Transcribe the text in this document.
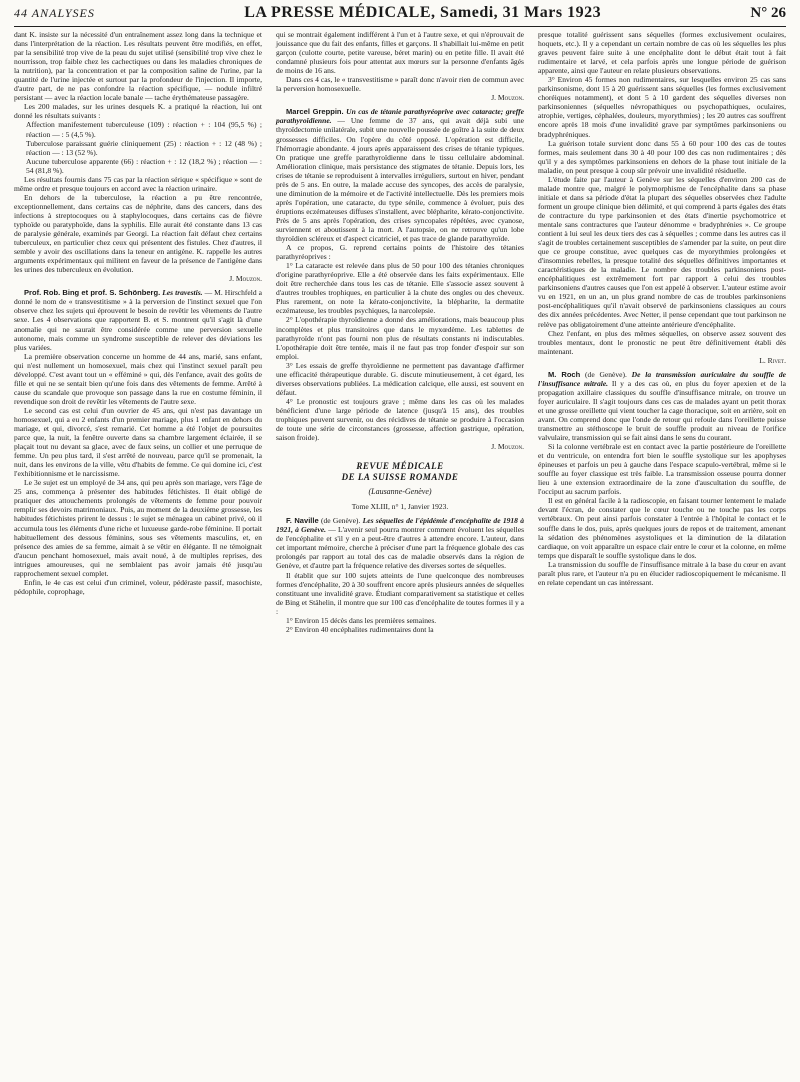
44 ANALYSES	LA PRESSE MÉDICALE, Samedi, 31 Mars 1923	N° 26

dant K. insiste sur la nécessité d'un entraînement assez long dans la technique et dans l'interprétation de la réaction. Les résultats peuvent être modifiés, en effet, par la sensibilité trop vive de la peau du sujet utilisé (sensibilité trop vive chez le nourrisson, trop faible chez les cachectiques ou dans les maladies chroniques de la nutrition), par la concentration et par la composition saline de l'urine, par la quantité de l'urine injectée et surtout par la profondeur de l'injection. Il importe, d'autre part, de ne pas confondre la réaction spécifique, — nodule infiltré persistant — avec la réaction locale banale — tache érythémateuse passagère.

Les 200 malades, sur les urines desquels K. a pratiqué la réaction, lui ont donné les résultats suivants :

Affection manifestement tuberculeuse (109) : réaction + : 104 (95,5 %) ; réaction — : 5 (4,5 %).

Tuberculose paraissant guérie cliniquement (25) : réaction + : 12 (48 %) ; réaction — : 13 (52 %).

Aucune tuberculose apparente (66) : réaction + : 12 (18,2 %) ; réaction — : 54 (81,8 %).

Les résultats fournis dans 75 cas par la réaction sérique « spécifique » sont de même ordre et presque toujours en accord avec la réaction urinaire.

En dehors de la tuberculose, la réaction a pu être rencontrée, exceptionnellement, dans certains cas de néphrite, dans des cancers, dans des infections à streptocoques ou à staphylocoques, dans certains cas de fièvre typhoïde ou paratyphoïde, dans la syphilis. Elle aurait été constante dans 13 cas de paralysie générale, examinés par Georgi. La réaction fait défaut chez certains tuberculeux, en particulier chez ceux qui présentent des fistules. Chez d'autres, il semble y avoir des oscillations dans la teneur en antigène. K. rappelle les autres arguments expérimentaux qui militent en faveur de la présence de l'antigène dans les urines des tuberculeux en évolution.

J. Mouzon.

Prof. Rob. Bing et prof. S. Schönberg. Les travestis. — M. Hirschfeld a donné le nom de « transvestitisme » à la perversion de l'instinct sexuel que l'on observe chez les sujets qui éprouvent le besoin de revêtir les vêtements de l'autre sexe. Les 4 observations que rapportent B. et S. montrent qu'il s'agit là d'une anomalie qui ne saurait être considérée comme une perversion sexuelle autonome, mais comme un syndrome susceptible de relever des déviations les plus variées.

La première observation concerne un homme de 44 ans, marié, sans enfant, qui n'est nullement un homosexuel, mais chez qui l'instinct sexuel paraît peu développé. C'est avant tout un « efféminé » qui, dès l'enfance, avait des goûts de fille et qui ne se sentait bien qu'une fois dans des vêtements de femme. Arrêté à cause du scandale que provoque son passage dans la rue en costume féminin, il revendique son droit de revêtir les vêtements de l'autre sexe.

Le second cas est celui d'un ouvrier de 45 ans, qui n'est pas davantage un homosexuel, qui a eu 2 enfants d'un premier mariage, plus 1 enfant en dehors du mariage, et qui, divorcé, s'est remarié. Cet homme a été l'objet de poursuites parce que, la nuit, la fenêtre ouverte dans sa chambre largement éclairée, il se plaçait tout nu devant sa glace, avec de faux seins, un collier et une perruque de femme. Un peu plus tard, il s'est arrêté de nouveau, parce qu'il se promenait, la nuit, dans les environs de la ville, vêtu d'habits de femme. Ce qui domine ici, c'est l'exhibitionnisme et le narcissisme.

Le 3e sujet est un employé de 34 ans, qui peu après son mariage, vers l'âge de 25 ans, commença à présenter des habitudes fétichistes. Il était obligé de pratiquer des attouchements prolongés de vêtements de femme pour pouvoir remplir ses devoirs matrimoniaux. Puis, au moment de la deuxième grossesse, les habitudes fétichistes prirent le dessus : le sujet se ménagea un cabinet privé, où il accumula tous les éléments d'une riche et luxueuse garde-robe féminine. Il portait habituellement des dessous féminins, sous ses vêtements masculins, et, en présence des amies de sa femme, aimait à se vêtir en élégante. Il ne témoignait d'aucun penchant homosexuel, mais avait noué, à de multiples reprises, des intrigues amoureuses, qui ne semblaient pas avoir jamais été jusqu'au rapprochement sexuel complet.

Enfin, le 4e cas est celui d'un criminel, voleur, pédéraste passif, masochiste, pédophile, coprophage,

qui se montrait également indifférent à l'un et à l'autre sexe, et qui n'éprouvait de jouissance que du fait des enfants, filles et garçons. Il s'habillait lui-même en petit garçon (culotte courte, petite vareuse, béret marin) ou en petite fille. Il avait été condamné plusieurs fois pour attentat aux mœurs sur la personne d'enfants âgés de moins de 16 ans.

Dans ces 4 cas, le « transvestitisme » paraît donc n'avoir rien de commun avec la perversion homosexuelle.

J. Mouzon.

Marcel Greppin. Un cas de tétanie parathyréoprive avec cataracte; greffe parathyroïdienne. — Une femme de 37 ans, qui avait déjà subi une thyroïdectomie unilatérale, subit une nouvelle poussée de goître à la suite de deux grossesses difficiles. On l'opère du côté opposé. L'opération est difficile, l'hémorragie abondante. 4 jours après apparaissent des crises de tétanie typiques. On pratique une greffe parathyroïdienne dans le tissu cellulaire abdominal. Amélioration clinique, mais persistance des stigmates de tétanie. Depuis lors, les crises de tétanie se reproduisent à intervalles irréguliers, surtout en hiver, pendant près de 5 ans. En outre, la malade accuse des syncopes, des accès de paralysie, une diminution de la mémoire et de l'activité intellectuelle. Dès les premiers mois après l'opération, une cataracte, du type sénile, commence à évoluer, puis des éruptions eczémateuses diffuses s'installent, avec blépharite, kérato-conjonctivite. Près de 5 ans après l'opération, des crises syncopales répétées, avec cyanose, surviennent et aboutissent à la mort. A l'autopsie, on ne retrouve qu'un lobe thyroïdien scléreux et d'aspect cicatriciel, et pas trace de glande parathyroïde.

A ce propos, G. reprend certains points de l'histoire des tétanies parathyréoprives :

1° La cataracte est relevée dans plus de 50 pour 100 des tétanies chroniques d'origine parathyréoprive. Elle a été observée dans les faits expérimentaux. Elle doit être recherchée dans tous les cas de tétanie. Elle s'associe assez souvent à d'autres troubles trophiques, en particulier à la chute des ongles ou des cheveux. Plus rarement, on note la kérato-conjonctivite, la blépharite, la dermatite eczémateuse, les troubles psychiques, la narcolepsie.

2° L'opothérapie thyroïdienne a donné des améliorations, mais beaucoup plus incomplètes et plus transitoires que dans le myxœdème. Les tablettes de parathyroïde n'ont pas fourni non plus de résultats constants ni indiscutables. L'opothérapie doit être tentée, mais il ne faut pas trop fonder d'espoir sur son emploi.

3° Les essais de greffe thyroïdienne ne permettent pas davantage d'affirmer une efficacité thérapeutique durable. G. discute minutieusement, à cet égard, les diverses observations publiées. La médication calcique, elle aussi, est souvent en défaut.

4° Le pronostic est toujours grave ; même dans les cas où les malades bénéficient d'une large période de latence (jusqu'à 15 ans), des troubles trophiques peuvent survenir, ou des récidives de tétanie se produire à l'occasion de toute une série de circonstances (grossesse, affection gastrique, opération, saison froide).

J. Mouzon.

REVUE MÉDICALE
DE LA SUISSE ROMANDE
(Lausanne-Genève)
Tome XLIII, n° 1, Janvier 1923.

F. Naville (de Genève). Les séquelles de l'épidémie d'encéphalite de 1918 à 1921, à Genève. — L'avenir seul pourra montrer comment évoluent les séquelles de l'encéphalite et s'il y en a peut-être d'autres à attendre encore. L'auteur, dans cet important mémoire, cherche à préciser d'une part la fréquence globale des cas prolongés par rapport au total des cas de maladie observés dans la région de Genève, et d'autre part la fréquence relative des diverses sortes de séquelles.

Il établit que sur 100 sujets atteints de l'une quelconque des nombreuses formes d'encéphalite, 20 à 30 souffrent encore après plusieurs années de séquelles constituant une invalidité grave. Étudiant comparativement sa statistique et celles de Bing et Stähelin, il montre que sur 100 cas d'encéphalite de toutes formes il y a :

1° Environ 15 décès dans les premières semaines.

2° Environ 40 encéphalites rudimentaires dont la

presque totalité guérissent sans séquelles (formes exclusivement oculaires, hoquets, etc.). Il y a cependant un certain nombre de cas où les séquelles les plus graves peuvent faire suite à une encéphalite dont le début était tout à fait rudimentaire et larvé, et cela parfois après une longue période de guérison apparente, ainsi que l'auteur en relate plusieurs observations.

3° Environ 45 formes non rudimentaires, sur lesquelles environ 25 cas sans parkinsonisme, dont 15 à 20 guérissent sans séquelles (les formes exclusivement choréiques notamment), et dont 5 à 10 gardent des séquelles diverses non parkinsoniennes (séquelles névropathiques ou psychopathiques, oculaires, atrophie, vertiges, céphalées, douleurs, myorythmies) ; les 20 autres cas souffrent encore après 18 mois d'une invalidité grave par symptômes parkinsoniens ou bradyphréniques.

La guérison totale survient donc dans 55 à 60 pour 100 des cas de toutes formes, mais seulement dans 30 à 40 pour 100 des cas non rudimentaires ; dès qu'il y a des symptômes parkinsoniens en dehors de la phase tout initiale de la maladie, on peut presque à coup sûr prévoir une invalidité résiduelle.

L'étude faite par l'auteur à Genève sur les séquelles d'environ 200 cas de malade montre que, malgré le polymorphisme de l'encéphalite dans sa phase initiale et dans sa période d'état la plupart des séquelles observées chez l'adulte forment un groupe clinique bien délimité, et qui comprend à parts égales des états de contracture du type parkinsonien et des états d'inertie psychomotrice et mentale sans contractures que l'auteur dénomme « bradyphrénies ». Ce groupe contient à lui seul les deux tiers des cas à séquelles ; comme dans les autres cas il s'agit de troubles certainement susceptibles de s'amender par la suite, on peut dire que ce groupe constitue, avec quelques cas de myorythmies prolongées et d'insomnies rebelles, la presque totalité des séquelles définitives importantes et caractéristiques de la maladie. Le nombre des troubles parkinsoniens post-encéphalitiques est extrêmement fort par rapport à celui des troubles parkinsoniens d'autres causes que l'on est appelé à observer. L'auteur estime avoir vu en 1921, en un an, un plus grand nombre de cas de troubles parkinsoniens post-encéphalitiques qu'il n'avait observé de parkinsoniens classiques au cours des dix années précédentes. Avec Netter, il pense cependant que tout parkinson ne relève pas obligatoirement d'une atteinte antérieure d'encéphalite.

Chez l'enfant, en plus des mêmes séquelles, on observe assez souvent des troubles mentaux, dont le pronostic ne peut être définitivement établi dès maintenant.

L. Rivet.

M. Roch (de Genève). De la transmission auriculaire du souffle de l'insuffisance mitrale. Il y a des cas où, en plus du foyer apexien et de la propagation axillaire classiques du souffle d'insuffisance mitrale, on trouve un foyer auriculaire. Il s'agit toujours dans ces cas de malades ayant un petit thorax et une grosse oreillette qui vient toucher la cage thoracique, soit en arrière, soit en avant. On comprend donc que l'onde de retour qui refoule dans l'oreillette puisse transmettre au stéthoscope le bruit de souffle produit au niveau de l'orifice valvulaire, transmission qui se fait ainsi dans le sens du courant.

Si la colonne vertébrale est en contact avec la partie postérieure de l'oreillette et du ventricule, on entendra fort bien le souffle systolique sur les apophyses épineuses et parfois un peu à gauche dans l'espace scapulo-vertébral, même si le souffle au foyer classique est très faible. La transmission osseuse pourra donner lieu à une extension extraordinaire de la zone d'auscultation du souffle, de l'occiput au sacrum parfois.

Il est en général facile à la radioscopie, en faisant tourner lentement le malade devant l'écran, de constater que le cœur touche ou ne touche pas les corps vertébraux. On peut ainsi parfois constater à l'entrée à l'hôpital le contact et le souffle dans le dos, puis, après quelques jours de repos et de traitement, amenant la sédation des phénomènes asystoliques et la diminution de la dilatation cardiaque, on voit apparaître un espace clair entre le cœur et la colonne, en même temps que disparaît le souffle systolique dans le dos.

La transmission du souffle de l'insuffisance mitrale à la base du cœur en avant paraît plus rare, et l'auteur n'a pu en élucider radioscopiquement le mécanisme. Il en relate cependant un cas intéressant.
